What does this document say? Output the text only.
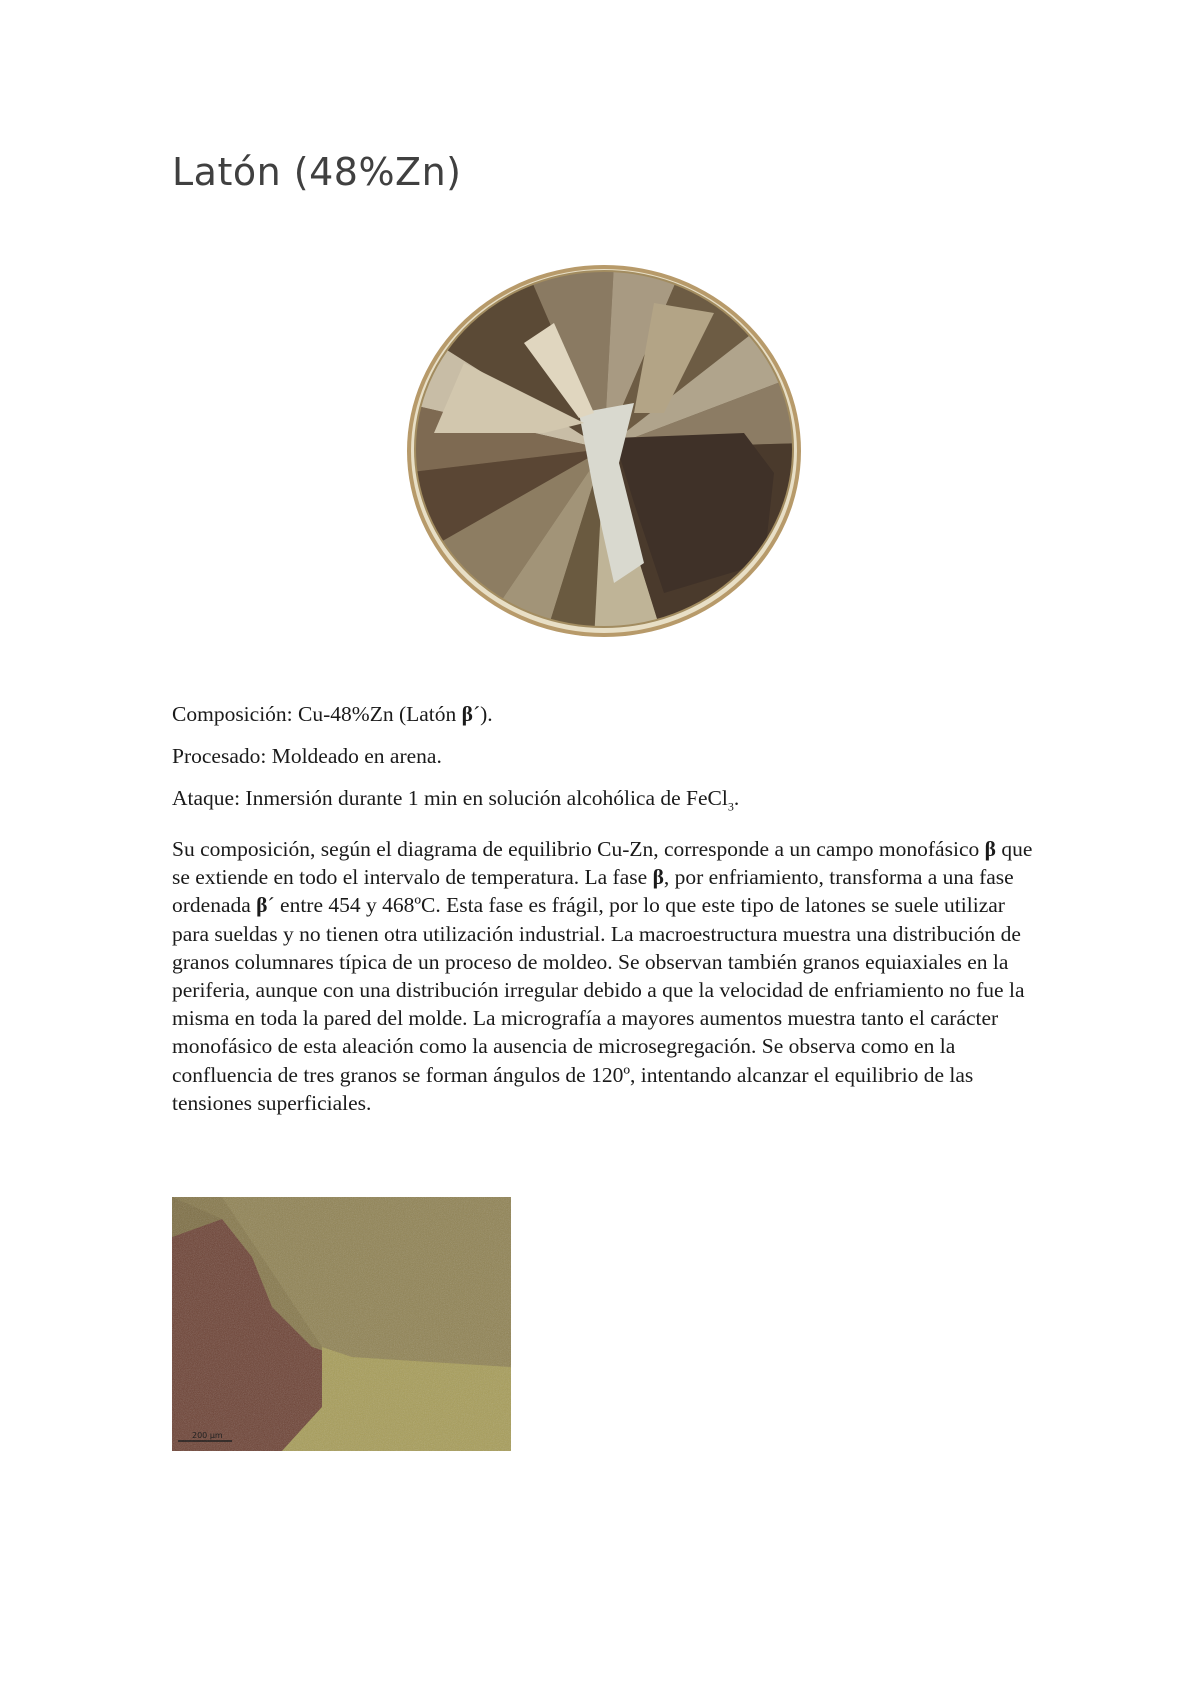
Latón (48%Zn)

Composición: Cu-48%Zn (Latón β´).

Procesado: Moldeado en arena.

Ataque: Inmersión durante 1 min en solución alcohólica de FeCl$_3$.

Su composición, según el diagrama de equilibrio Cu-Zn, corresponde a un campo monofásico β que se extiende en todo el intervalo de temperatura. La fase β, por enfriamiento, transforma a una fase ordenada β´ entre 454 y 468ºC. Esta fase es frágil, por lo que este tipo de latones se suele utilizar para sueldas y no tienen otra utilización industrial. La macroestructura muestra una distribución de granos columnares típica de un proceso de moldeo. Se observan también granos equiaxiales en la periferia, aunque con una distribución irregular debido a que la velocidad de enfriamiento no fue la misma en toda la pared del molde. La micrografía a mayores aumentos muestra tanto el carácter monofásico de esta aleación como la ausencia de microsegregación. Se observa como en la confluencia de tres granos se forman ángulos de 120º, intentando alcanzar el equilibrio de las tensiones superficiales.

200 µm
